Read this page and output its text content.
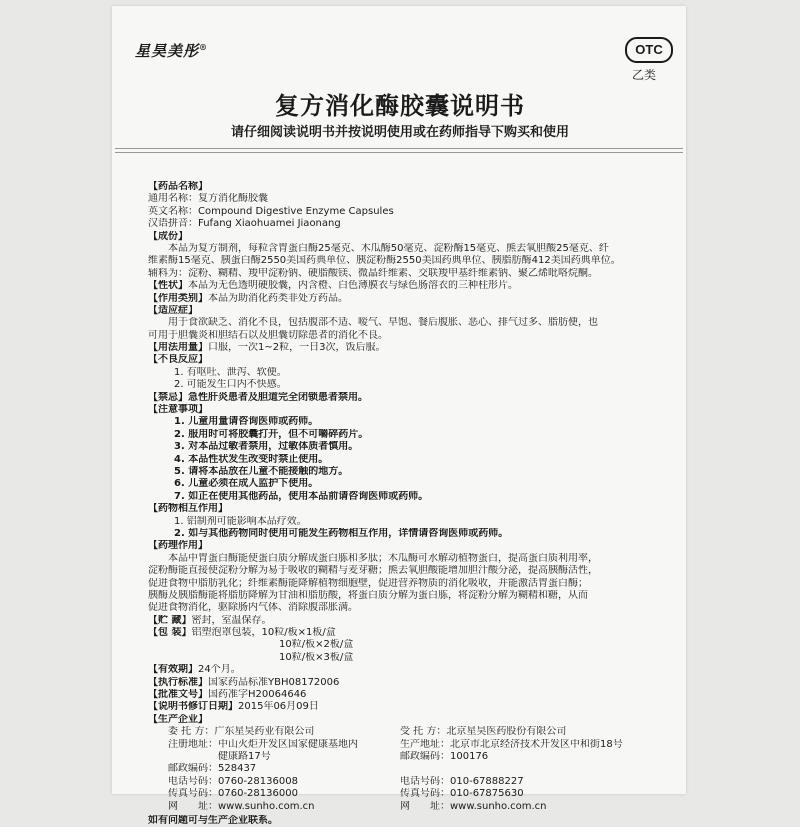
星昊美彤®	OTC
乙类
复方消化酶胶囊说明书
请仔细阅读说明书并按说明使用或在药师指导下购买和使用
【药品名称】
通用名称：复方消化酶胶囊
英文名称：Compound Digestive Enzyme Capsules
汉语拼音：Fufang Xiaohuamei Jiaonang
【成份】
本品为复方制剂，每粒含胃蛋白酶25毫克、木瓜酶50毫克、淀粉酶15毫克、熊去氧胆酸25毫克、纤
维素酶15毫克、胰蛋白酶2550美国药典单位、胰淀粉酶2550美国药典单位、胰脂肪酶412美国药典单位。
辅料为：淀粉、糊精、羧甲淀粉钠、硬脂酸镁、微晶纤维素、交联羧甲基纤维素钠、聚乙烯吡咯烷酮。
【性状】本品为无色透明硬胶囊，内含橙、白色薄膜衣与绿色肠溶衣的三种柱形片。
【作用类别】本品为助消化药类非处方药品。
【适应症】
用于食欲缺乏、消化不良，包括腹部不适、嗳气、早饱、餐后腹胀、恶心、排气过多、脂肪便，也
可用于胆囊炎和胆结石以及胆囊切除患者的消化不良。
【用法用量】口服，一次1~2粒，一日3次，饭后服。
【不良反应】
1. 有呕吐、泄泻、软便。
2. 可能发生口内不快感。
【禁忌】急性肝炎患者及胆道完全闭锁患者禁用。
【注意事项】
1. 儿童用量请咨询医师或药师。
2. 服用时可将胶囊打开，但不可嚼碎药片。
3. 对本品过敏者禁用，过敏体质者慎用。
4. 本品性状发生改变时禁止使用。
5. 请将本品放在儿童不能接触的地方。
6. 儿童必须在成人监护下使用。
7. 如正在使用其他药品，使用本品前请咨询医师或药师。
【药物相互作用】
1. 铝制剂可能影响本品疗效。
2. 如与其他药物同时使用可能发生药物相互作用，详情请咨询医师或药师。
【药理作用】
本品中胃蛋白酶能使蛋白质分解成蛋白胨和多肽；木瓜酶可水解动植物蛋白，提高蛋白质利用率，
淀粉酶能直接使淀粉分解为易于吸收的糊精与麦芽糖；熊去氧胆酸能增加胆汁酸分泌，提高胰酶活性，
促进食物中脂肪乳化；纤维素酶能降解植物细胞壁，促进营养物质的消化吸收，并能激活胃蛋白酶；
胰酶及胰脂酶能将脂肪降解为甘油和脂肪酸，将蛋白质分解为蛋白胨，将淀粉分解为糊精和糖，从而
促进食物消化，驱除肠内气体、消除腹部胀满。
【贮 藏】密封，室温保存。
【包 装】铝塑泡罩包装，10粒/板×1板/盒
10粒/板×2板/盒
10粒/板×3板/盒
【有效期】24个月。
【执行标准】国家药品标准YBH08172006
【批准文号】国药准字H20064646
【说明书修订日期】2015年06月09日
【生产企业】
委 托 方：广东星昊药业有限公司	受 托 方：北京星昊医药股份有限公司
注册地址：中山火炬开发区国家健康基地内	生产地址：北京市北京经济技术开发区中和街18号
　　　　　健康路17号	邮政编码：100176
邮政编码：528437
电话号码：0760-28136008	电话号码：010-67888227
传真号码：0760-28136000	传真号码：010-67875630
网　　址：www.sunho.com.cn	网　　址：www.sunho.com.cn
如有问题可与生产企业联系。
